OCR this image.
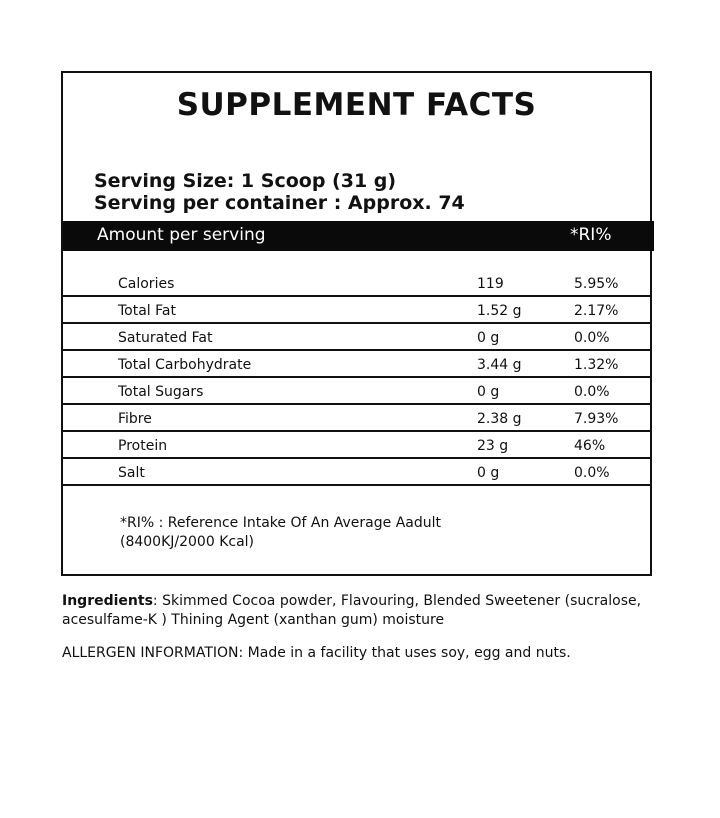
SUPPLEMENT FACTS

Serving Size: 1 Scoop (31 g)

Serving per container : Approx. 74

Amount per serving	*RI%
Calories	119	5.95%
Total Fat	1.52 g	2.17%
Saturated Fat	0 g	0.0%
Total Carbohydrate	3.44 g	1.32%
Total Sugars	0 g	0.0%
Fibre	2.38 g	7.93%
Protein	23 g	46%
Salt	0 g	0.0%

*RI% : Reference Intake Of An Average Aadult
(8400KJ/2000 Kcal)

Ingredients: Skimmed Cocoa powder, Flavouring, Blended Sweetener (sucralose, acesulfame-K ) Thining Agent (xanthan gum) moisture

ALLERGEN INFORMATION: Made in a facility that uses soy, egg and nuts.
